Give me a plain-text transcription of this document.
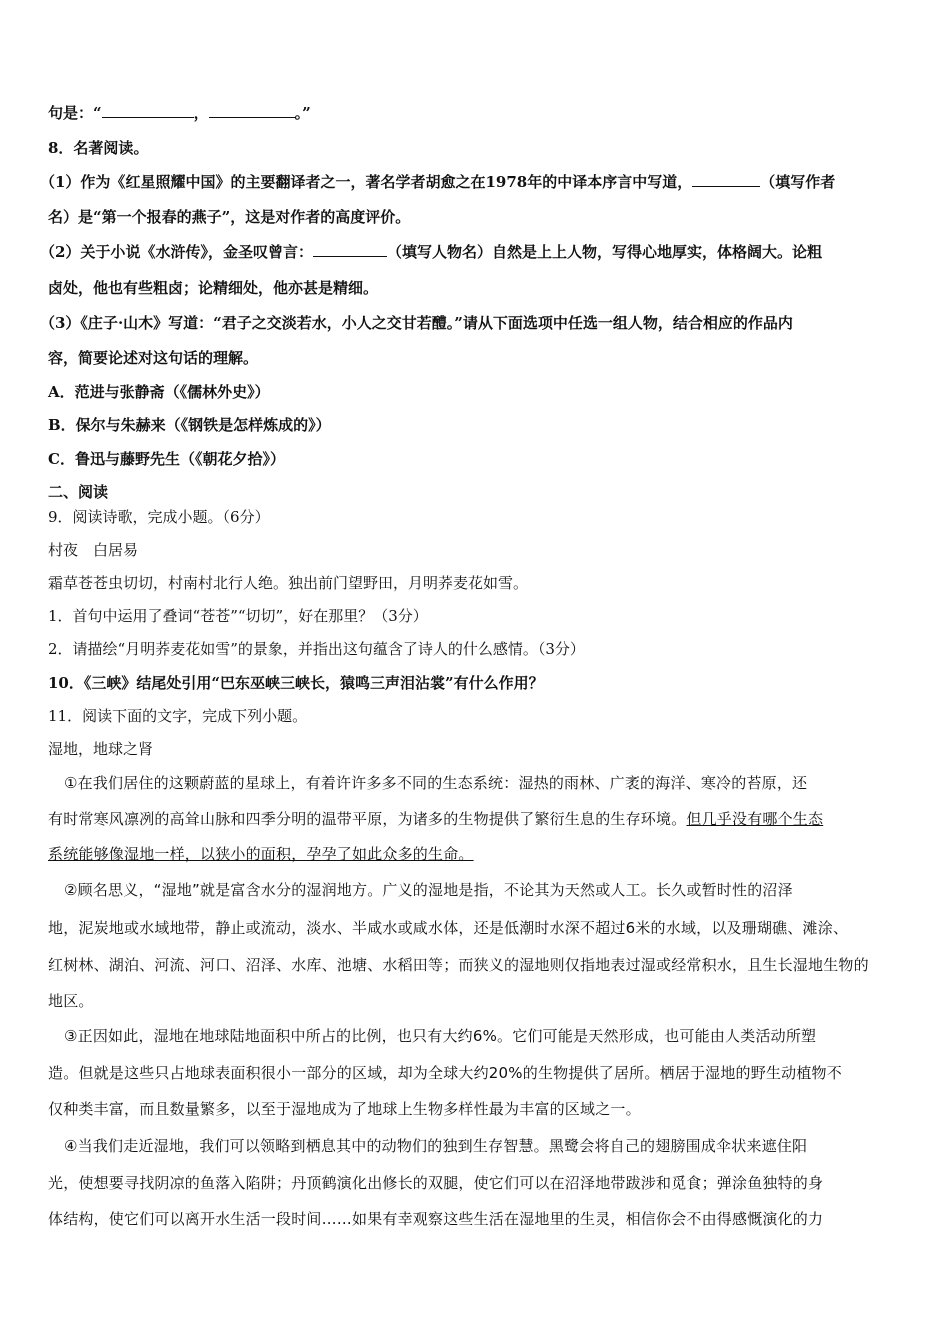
句是：“	，	。”
8．名著阅读。
（1）作为《红星照耀中国》的主要翻译者之一，著名学者胡愈之在1978年的中译本序言中写道，	（填写作者
名）是“第一个报春的燕子”，这是对作者的高度评价。
（2）关于小说《水浒传》，金圣叹曾言：	（填写人物名）自然是上上人物，写得心地厚实，体格阔大。论粗
卤处，他也有些粗卤；论精细处，他亦甚是精细。
（3）《庄子·山木》写道：“君子之交淡若水，小人之交甘若醴。”请从下面选项中任选一组人物，结合相应的作品内
容，简要论述对这句话的理解。
A．范进与张静斋（《儒林外史》）
B．保尔与朱赫来（《钢铁是怎样炼成的》）
C．鲁迅与藤野先生（《朝花夕拾》）
二、阅读
9．阅读诗歌，完成小题。（6分）
村夜　白居易
霜草苍苍虫切切，村南村北行人绝。独出前门望野田，月明荞麦花如雪。
1．首句中运用了叠词“苍苍”“切切”，好在那里？（3分）
2．请描绘“月明荞麦花如雪”的景象，并指出这句蕴含了诗人的什么感情。（3分）
10．《三峡》结尾处引用“巴东巫峡三峡长，猿鸣三声泪沾裳”有什么作用？
11．阅读下面的文字，完成下列小题。
湿地，地球之肾
①在我们居住的这颗蔚蓝的星球上，有着许许多多不同的生态系统：湿热的雨林、广袤的海洋、寒冷的苔原，还
有时常寒风凛冽的高耸山脉和四季分明的温带平原，为诸多的生物提供了繁衍生息的生存环境。但几乎没有哪个生态
系统能够像湿地一样，以狭小的面积，孕孕了如此众多的生命。
②顾名思义，“湿地”就是富含水分的湿润地方。广义的湿地是指，不论其为天然或人工。长久或暂时性的沼泽
地，泥炭地或水域地带，静止或流动，淡水、半咸水或咸水体，还是低潮时水深不超过6米的水域，以及珊瑚礁、滩涂、
红树林、湖泊、河流、河口、沼泽、水库、池塘、水稻田等；而狭义的湿地则仅指地表过湿或经常积水，且生长湿地生物的
地区。
③正因如此，湿地在地球陆地面积中所占的比例，也只有大约6%。它们可能是天然形成，也可能由人类活动所塑
造。但就是这些只占地球表面积很小一部分的区域，却为全球大约20%的生物提供了居所。栖居于湿地的野生动植物不
仅种类丰富，而且数量繁多，以至于湿地成为了地球上生物多样性最为丰富的区域之一。
④当我们走近湿地，我们可以领略到栖息其中的动物们的独到生存智慧。黑鹭会将自己的翅膀围成伞状来遮住阳
光，使想要寻找阴凉的鱼落入陷阱；丹顶鹤演化出修长的双腿，使它们可以在沼泽地带跋涉和觅食；弹涂鱼独特的身
体结构，使它们可以离开水生活一段时间……如果有幸观察这些生活在湿地里的生灵，相信你会不由得感慨演化的力
